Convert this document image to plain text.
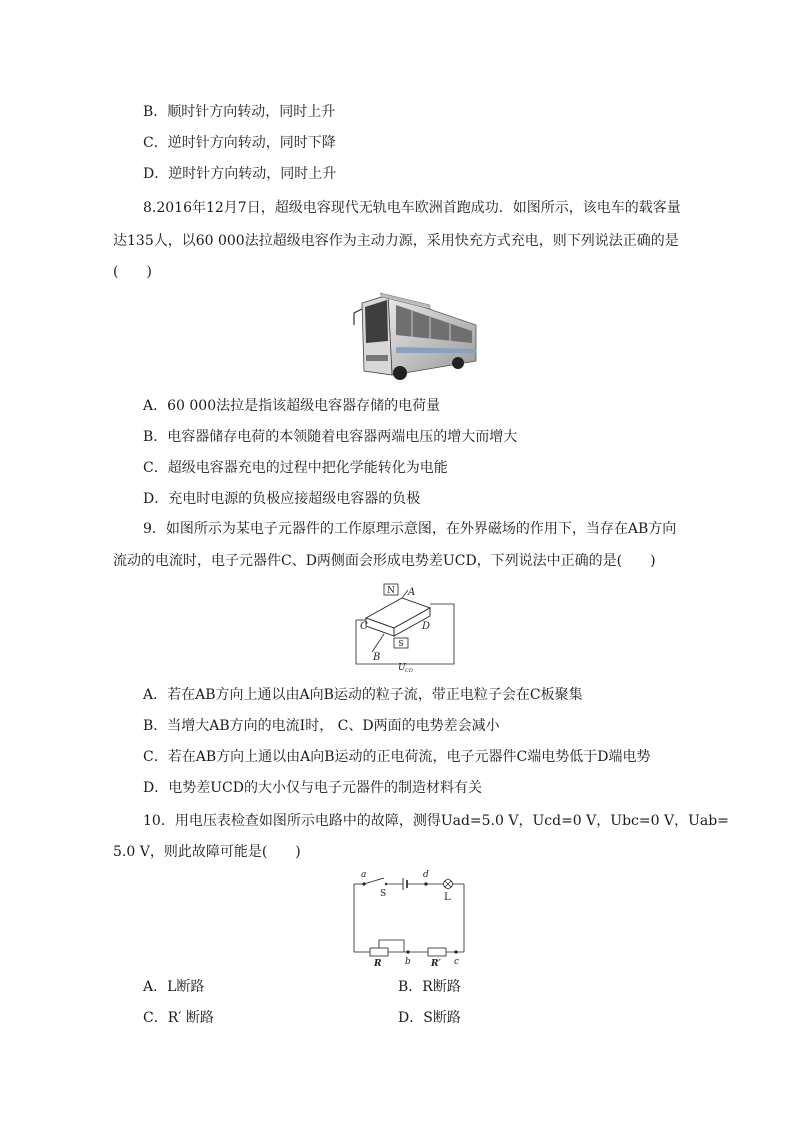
B．顺时针方向转动，同时上升
C．逆时针方向转动，同时下降
D．逆时针方向转动，同时上升
8.2016年12月7日，超级电容现代无轨电车欧洲首跑成功．如图所示，该电车的载客量
达135人，以60 000法拉超级电容作为主动力源，采用快充方式充电，则下列说法正确的是
(　　)
A．60 000法拉是指该超级电容器存储的电荷量
B．电容器储存电荷的本领随着电容器两端电压的增大而增大
C．超级电容器充电的过程中把化学能转化为电能
D．充电时电源的负极应接超级电容器的负极
9．如图所示为某电子元器件的工作原理示意图，在外界磁场的作用下，当存在AB方向
流动的电流时，电子元器件C、D两侧面会形成电势差UCD，下列说法中正确的是(　　)
N A
C	D
S
B
U CD
A．若在AB方向上通以由A向B运动的粒子流，带正电粒子会在C板聚集
B．当增大AB方向的电流I时， C、D两面的电势差会减小
C．若在AB方向上通以由A向B运动的正电荷流，电子元器件C端电势低于D端电势
D．电势差UCD的大小仅与电子元器件的制造材料有关
10．用电压表检查如图所示电路中的故障，测得Uad=5.0 V，Ucd=0 V，Ubc=0 V，Uab=
5.0 V，则此故障可能是(　　)
a	d
S	L
R	b R′ c
A．L断路	B．R断路
C．R′ 断路	D．S断路
